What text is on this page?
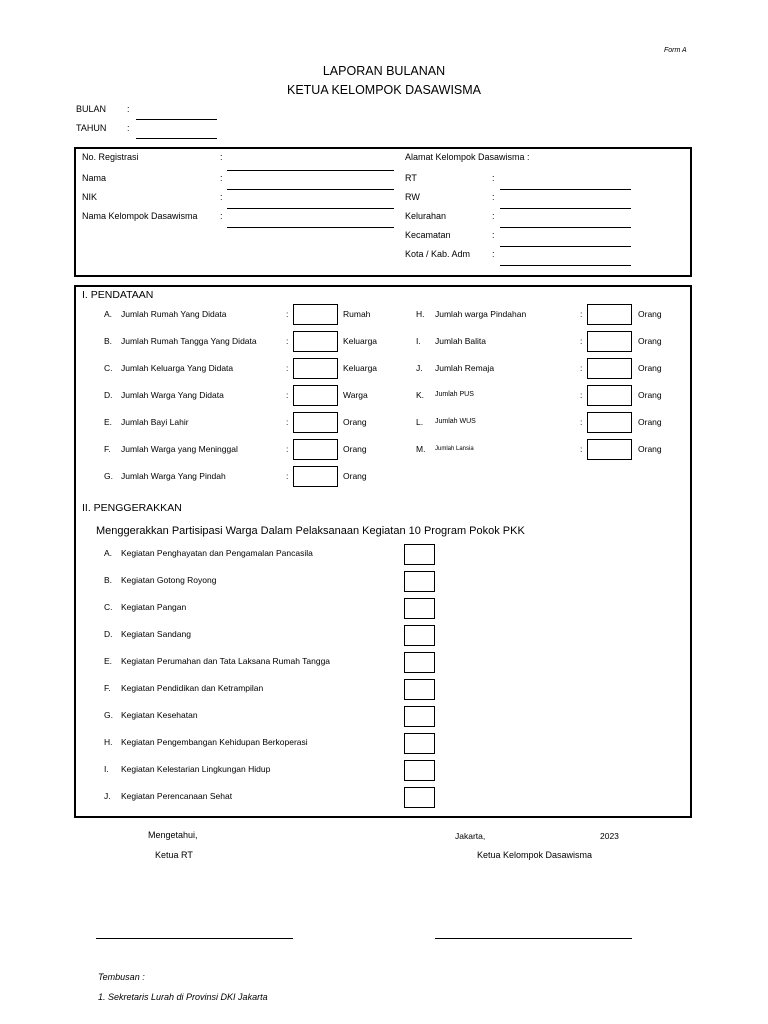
Form A
LAPORAN BULANAN
KETUA KELOMPOK DASAWISMA
BULAN :
TAHUN :
No. Registrasi	:
Nama	:
NIK	:
Nama Kelompok Dasawisma :
Alamat Kelompok Dasawisma :
RT	:
RW	:
Kelurahan	:
Kecamatan	:
Kota / Kab. Adm :
I. PENDATAAN
A. Jumlah Rumah Yang Didata	:	Rumah
B. Jumlah Rumah Tangga Yang Didata	:	Keluarga
C. Jumlah Keluarga Yang Didata	:	Keluarga
D. Jumlah Warga Yang Didata	:	Warga
E. Jumlah Bayi Lahir	:	Orang
F. Jumlah Warga yang Meninggal	:	Orang
G. Jumlah Warga Yang Pindah	:	Orang
H. Jumlah warga Pindahan	:	Orang
I. Jumlah Balita	:	Orang
J. Jumlah Remaja	:	Orang
K. Jumlah PUS	:	Orang
L. Jumlah WUS	:	Orang
M. Jumlah Lansia	:	Orang
II. PENGGERAKKAN
Menggerakkan Partisipasi Warga Dalam Pelaksanaan Kegiatan 10 Program Pokok PKK
A. Kegiatan Penghayatan dan Pengamalan Pancasila
B. Kegiatan Gotong Royong
C. Kegiatan Pangan
D. Kegiatan Sandang
E. Kegiatan Perumahan dan Tata Laksana Rumah Tangga
F. Kegiatan Pendidikan dan Ketrampilan
G. Kegiatan Kesehatan
H. Kegiatan Pengembangan Kehidupan Berkoperasi
I. Kegiatan Kelestarian Lingkungan Hidup
J. Kegiatan Perencanaan Sehat
Mengetahui,
Ketua RT
Jakarta,	2023
Ketua Kelompok Dasawisma
Tembusan :
1. Sekretaris Lurah di Provinsi DKI Jakarta
